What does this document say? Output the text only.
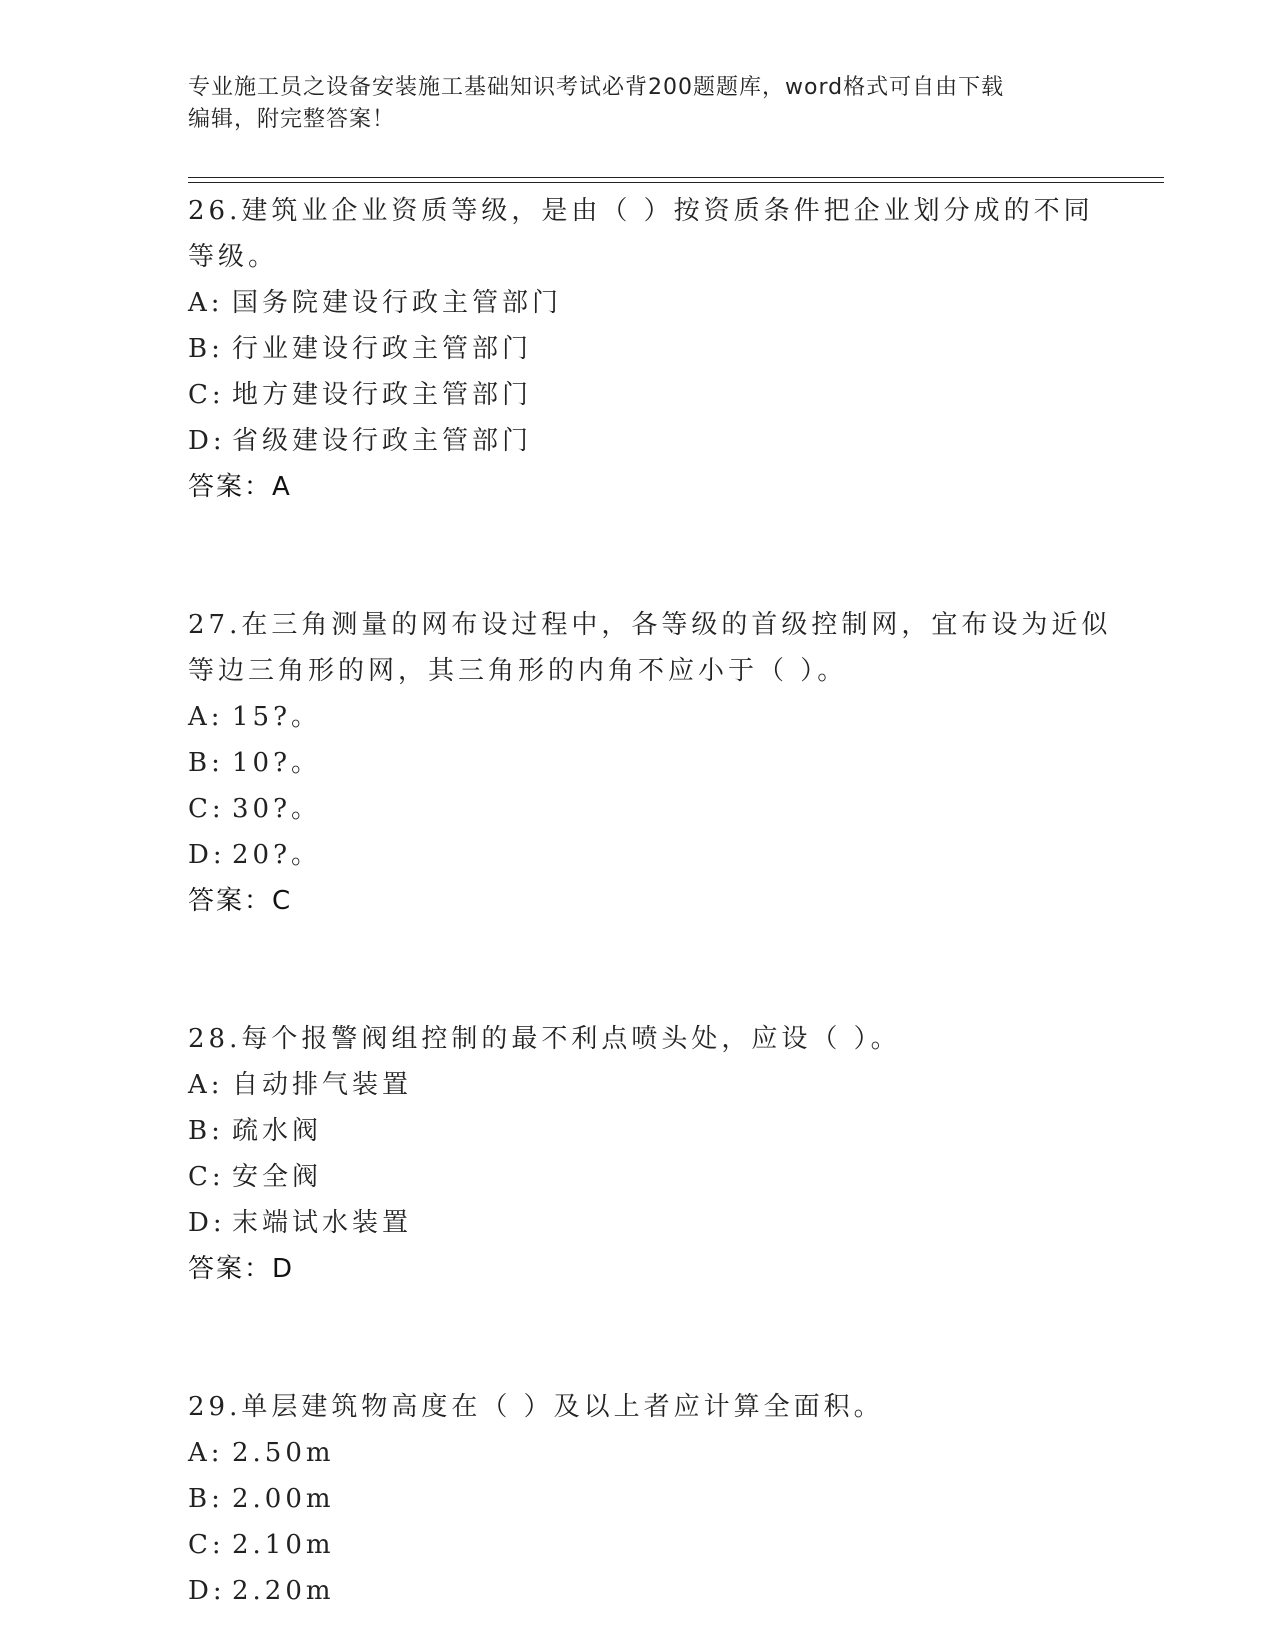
专业施工员之设备安装施工基础知识考试必背200题题库，word格式可自由下载
编辑，附完整答案！
26.建筑业企业资质等级，是由（ ）按资质条件把企业划分成的不同
等级。
A: 国务院建设行政主管部门
B: 行业建设行政主管部门
C: 地方建设行政主管部门
D: 省级建设行政主管部门
答案：A
27.在三角测量的网布设过程中，各等级的首级控制网，宜布设为近似
等边三角形的网，其三角形的内角不应小于（ ）。
A: 15?。
B: 10?。
C: 30?。
D: 20?。
答案：C
28.每个报警阀组控制的最不利点喷头处，应设（ ）。
A: 自动排气装置
B: 疏水阀
C: 安全阀
D: 末端试水装置
答案：D
29.单层建筑物高度在（ ）及以上者应计算全面积。
A: 2.50m
B: 2.00m
C: 2.10m
D: 2.20m
